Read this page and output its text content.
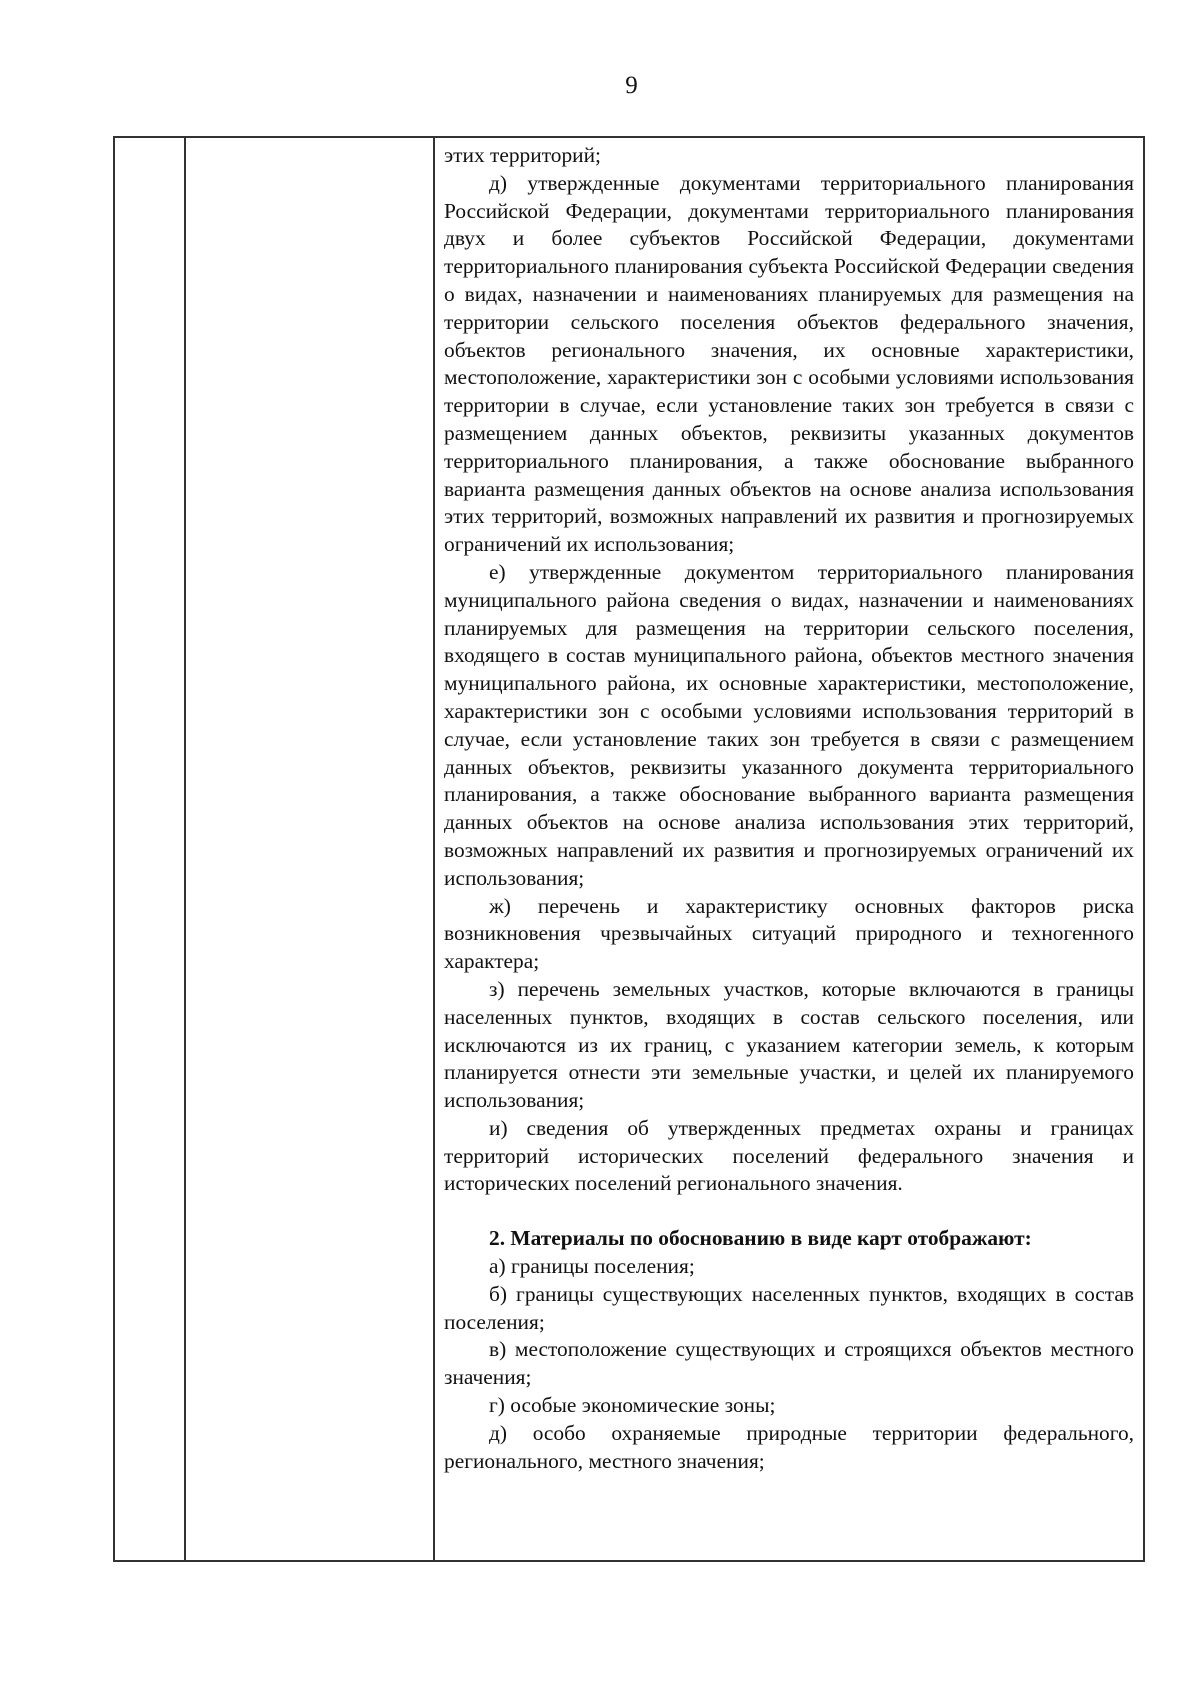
9

этих территорий;

д) утвержденные документами территориального планирования Российской Федерации, документами территориального планирования двух и более субъектов Российской Федерации, документами территориального планирования субъекта Российской Федерации сведения о видах, назначении и наименованиях планируемых для размещения на территории сельского поселения объектов федерального значения, объектов регионального значения, их основные характеристики, местоположение, характеристики зон с особыми условиями использования территории в случае, если установление таких зон требуется в связи с размещением данных объектов, реквизиты указанных документов территориального планирования, а также обоснование выбранного варианта размещения данных объектов на основе анализа использования этих территорий, возможных направлений их развития и прогнозируемых ограничений их использования;

е) утвержденные документом территориального планирования муниципального района сведения о видах, назначении и наименованиях планируемых для размещения на территории сельского поселения, входящего в состав муниципального района, объектов местного значения муниципального района, их основные характеристики, местоположение, характеристики зон с особыми условиями использования территорий в случае, если установление таких зон требуется в связи с размещением данных объектов, реквизиты указанного документа территориального планирования, а также обоснование выбранного варианта размещения данных объектов на основе анализа использования этих территорий, возможных направлений их развития и прогнозируемых ограничений их использования;

ж) перечень и характеристику основных факторов риска возникновения чрезвычайных ситуаций природного и техногенного характера;

з) перечень земельных участков, которые включаются в границы населенных пунктов, входящих в состав сельского поселения, или исключаются из их границ, с указанием категории земель, к которым планируется отнести эти земельные участки, и целей их планируемого использования;

и) сведения об утвержденных предметах охраны и границах территорий исторических поселений федерального значения и исторических поселений регионального значения.

2. Материалы по обоснованию в виде карт отображают:

а) границы поселения;

б) границы существующих населенных пунктов, входящих в состав поселения;

в) местоположение существующих и строящихся объектов местного значения;

г) особые экономические зоны;

д) особо охраняемые природные территории федерального, регионального, местного значения;
